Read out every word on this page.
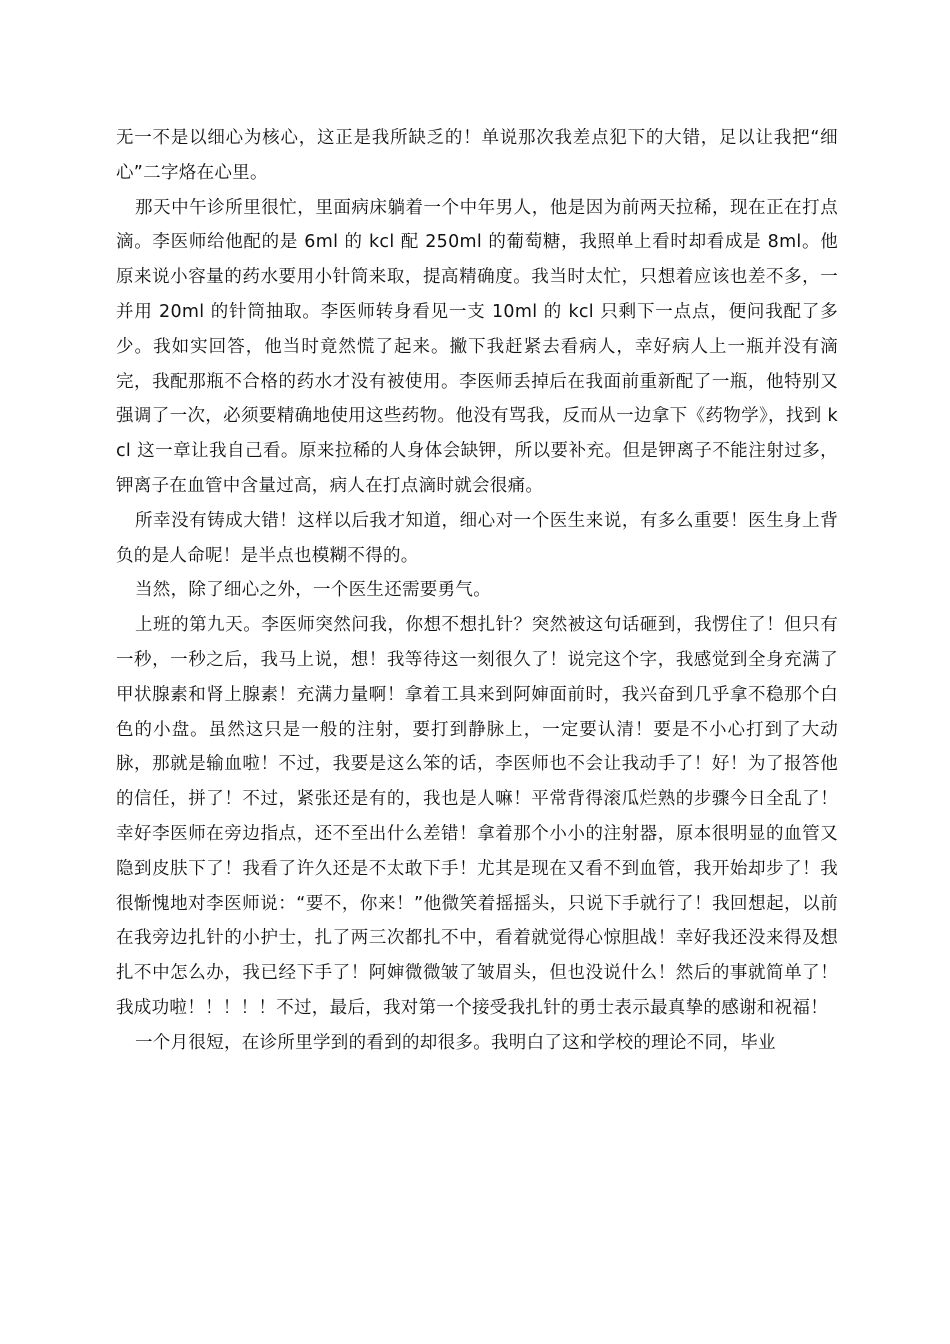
无一不是以细心为核心，这正是我所缺乏的！单说那次我差点犯下的大错，足以让我把“细心”二字烙在心里。

那天中午诊所里很忙，里面病床躺着一个中年男人，他是因为前两天拉稀，现在正在打点滴。李医师给他配的是 6ml 的 kcl 配 250ml 的葡萄糖，我照单上看时却看成是 8ml。他原来说小容量的药水要用小针筒来取，提高精确度。我当时太忙，只想着应该也差不多，一并用 20ml 的针筒抽取。李医师转身看见一支 10ml 的 kcl 只剩下一点点，便问我配了多少。我如实回答，他当时竟然慌了起来。撇下我赶紧去看病人，幸好病人上一瓶并没有滴完，我配那瓶不合格的药水才没有被使用。李医师丢掉后在我面前重新配了一瓶，他特别又强调了一次，必须要精确地使用这些药物。他没有骂我，反而从一边拿下《药物学》，找到 kcl 这一章让我自己看。原来拉稀的人身体会缺钾，所以要补充。但是钾离子不能注射过多，钾离子在血管中含量过高，病人在打点滴时就会很痛。

所幸没有铸成大错！这样以后我才知道，细心对一个医生来说，有多么重要！医生身上背负的是人命呢！是半点也模糊不得的。

当然，除了细心之外，一个医生还需要勇气。

上班的第九天。李医师突然问我，你想不想扎针？突然被这句话砸到，我愣住了！但只有一秒，一秒之后，我马上说，想！我等待这一刻很久了！说完这个字，我感觉到全身充满了甲状腺素和肾上腺素！充满力量啊！拿着工具来到阿婶面前时，我兴奋到几乎拿不稳那个白色的小盘。虽然这只是一般的注射，要打到静脉上，一定要认清！要是不小心打到了大动脉，那就是输血啦！不过，我要是这么笨的话，李医师也不会让我动手了！好！为了报答他的信任，拼了！不过，紧张还是有的，我也是人嘛！平常背得滚瓜烂熟的步骤今日全乱了！幸好李医师在旁边指点，还不至出什么差错！拿着那个小小的注射器，原本很明显的血管又隐到皮肤下了！我看了许久还是不太敢下手！尤其是现在又看不到血管，我开始却步了！我很惭愧地对李医师说：“要不，你来！”他微笑着摇摇头，只说下手就行了！我回想起，以前在我旁边扎针的小护士，扎了两三次都扎不中，看着就觉得心惊胆战！幸好我还没来得及想扎不中怎么办，我已经下手了！阿婶微微皱了皱眉头，但也没说什么！然后的事就简单了！我成功啦！！！！！不过，最后，我对第一个接受我扎针的勇士表示最真挚的感谢和祝福！

一个月很短，在诊所里学到的看到的却很多。我明白了这和学校的理论不同，毕业
